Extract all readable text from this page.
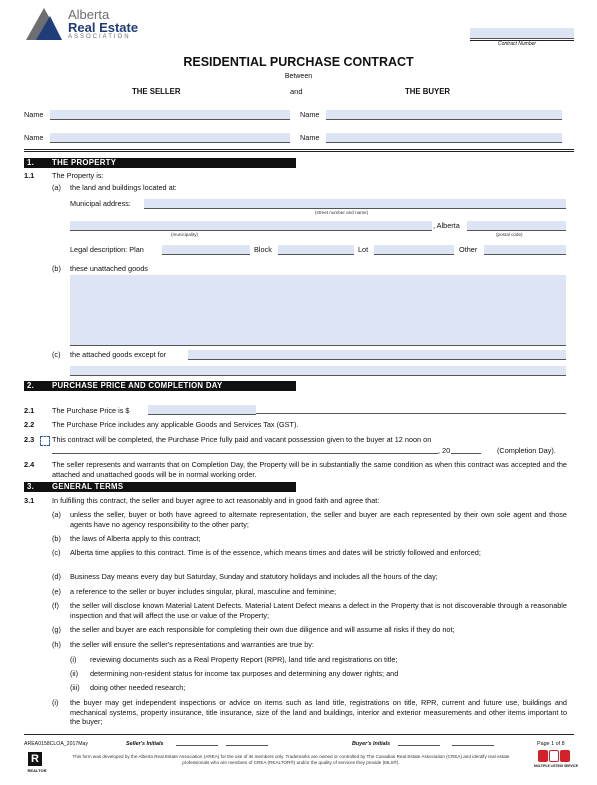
Alberta
Real Estate
ASSOCIATION
Contract Number
RESIDENTIAL PURCHASE CONTRACT
Between
THE SELLER	and	THE BUYER
Name	Name
Name	Name
1. THE PROPERTY
1.1 The Property is:
(a) the land and buildings located at:
Municipal address:
(street number and name)
, Alberta
(municipality)	(postal code)
Legal description: Plan	Block	Lot	Other
(b) these unattached goods
(c) the attached goods except for
2. PURCHASE PRICE AND COMPLETION DAY
2.1 The Purchase Price is $
2.2 The Purchase Price includes any applicable Goods and Services Tax (GST).
2.3 This contract will be completed, the Purchase Price fully paid and vacant possession given to the buyer at 12 noon on
, 20	(Completion Day).
2.4 The seller represents and warrants that on Completion Day, the Property will be in substantially the same condition as when this contract was accepted and the attached and unattached goods will be in normal working order.
3. GENERAL TERMS
3.1 In fulfilling this contract, the seller and buyer agree to act reasonably and in good faith and agree that:
(a) unless the seller, buyer or both have agreed to alternate representation, the seller and buyer are each represented by their own sole agent and those agents have no agency responsibility to the other party;
(b) the laws of Alberta apply to this contract;
(c) Alberta time applies to this contract. Time is of the essence, which means times and dates will be strictly followed and enforced;
(d) Business Day means every day but Saturday, Sunday and statutory holidays and includes all the hours of the day;
(e) a reference to the seller or buyer includes singular, plural, masculine and feminine;
(f) the seller will disclose known Material Latent Defects. Material Latent Defect means a defect in the Property that is not discoverable through a reasonable inspection and that will affect the use or value of the Property;
(g) the seller and buyer are each responsible for completing their own due diligence and will assume all risks if they do not;
(h) the seller will ensure the seller's representations and warranties are true by:
(i) reviewing documents such as a Real Property Report (RPR), land title and registrations on title;
(ii) determining non-resident status for income tax purposes and determining any dower rights; and
(iii) doing other needed research;
(i) the buyer may get independent inspections or advice on items such as land title, registrations on title, RPR, current and future use, buildings and mechanical systems, property insurance, title insurance, size of the land and buildings, interior and exterior measurements and other items important to the buyer;
AREA0158CLOA_2017May	Seller's Initials	Buyer's Initials	Page 1 of 8
R
REALTOR
This form was developed by the Alberta Real Estate Association (AREA) for the use of its members only. Trademarks are owned or controlled by The Canadian Real Estate Association (CREA) and identify real estate professionals who are members of CREA (REALTOR®) and/or the quality of services they provide (MLS®).
MULTIPLE LISTING SERVICE
